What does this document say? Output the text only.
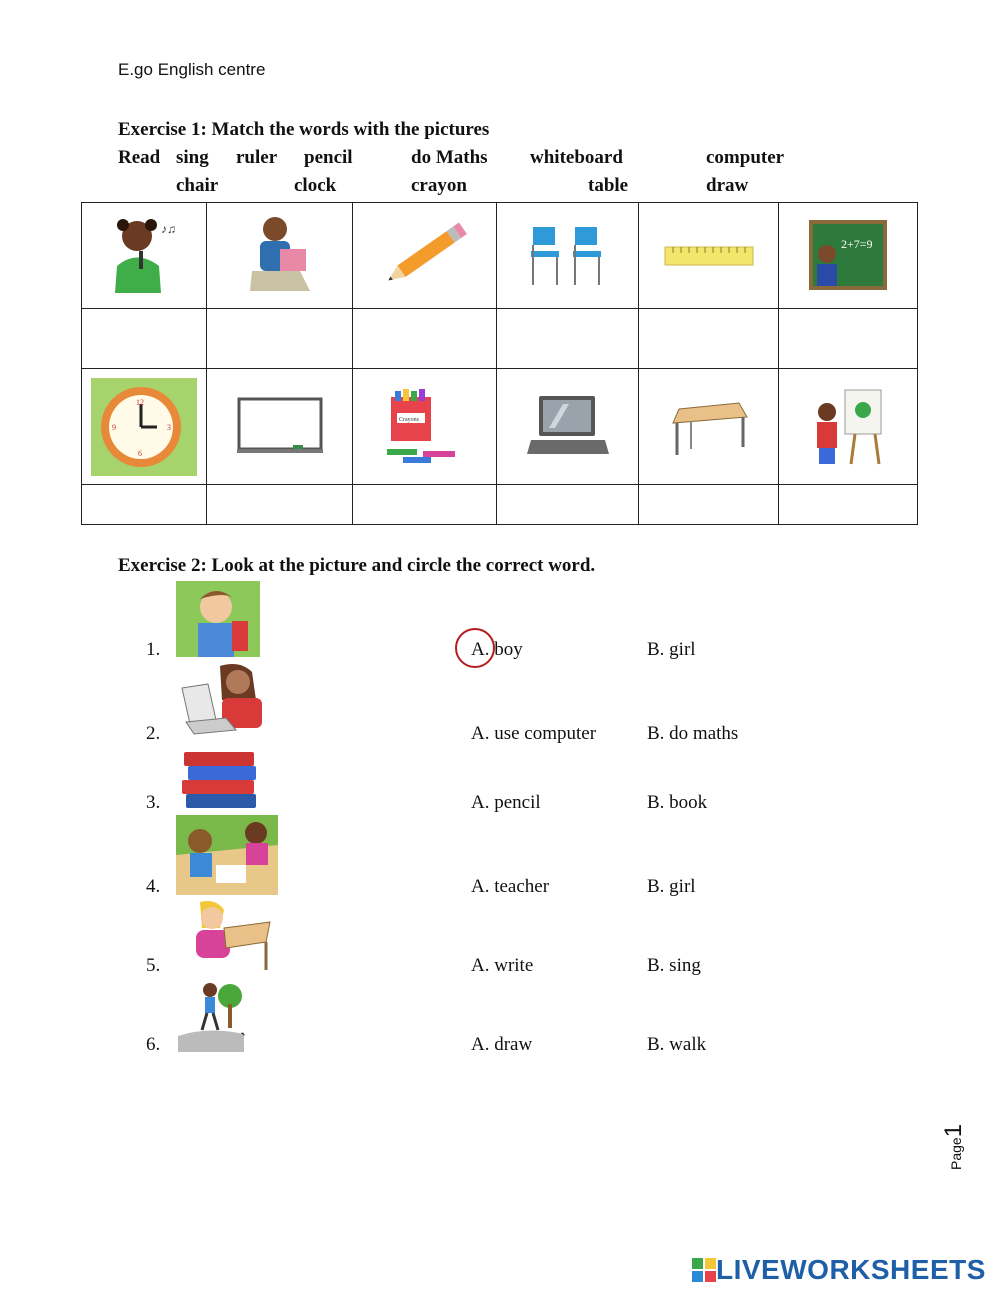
E.go English centre
Exercise 1: Match the words with the pictures
Read sing ruler pencil	do Maths whiteboard	computer
chair	clock	crayon	table	draw
♪♫					2+7=9

12
3
6
9		Crayons

Exercise 2: Look at the picture and circle the correct word.
1.	A. boy	B. girl
2.	A. use computer	B. do maths
3.	A. pencil	B. book
4.	A. teacher	B. girl
5.	A. write	B. sing
6.	`	A. draw	B. walk
Page1
LIVEWORKSHEETS
